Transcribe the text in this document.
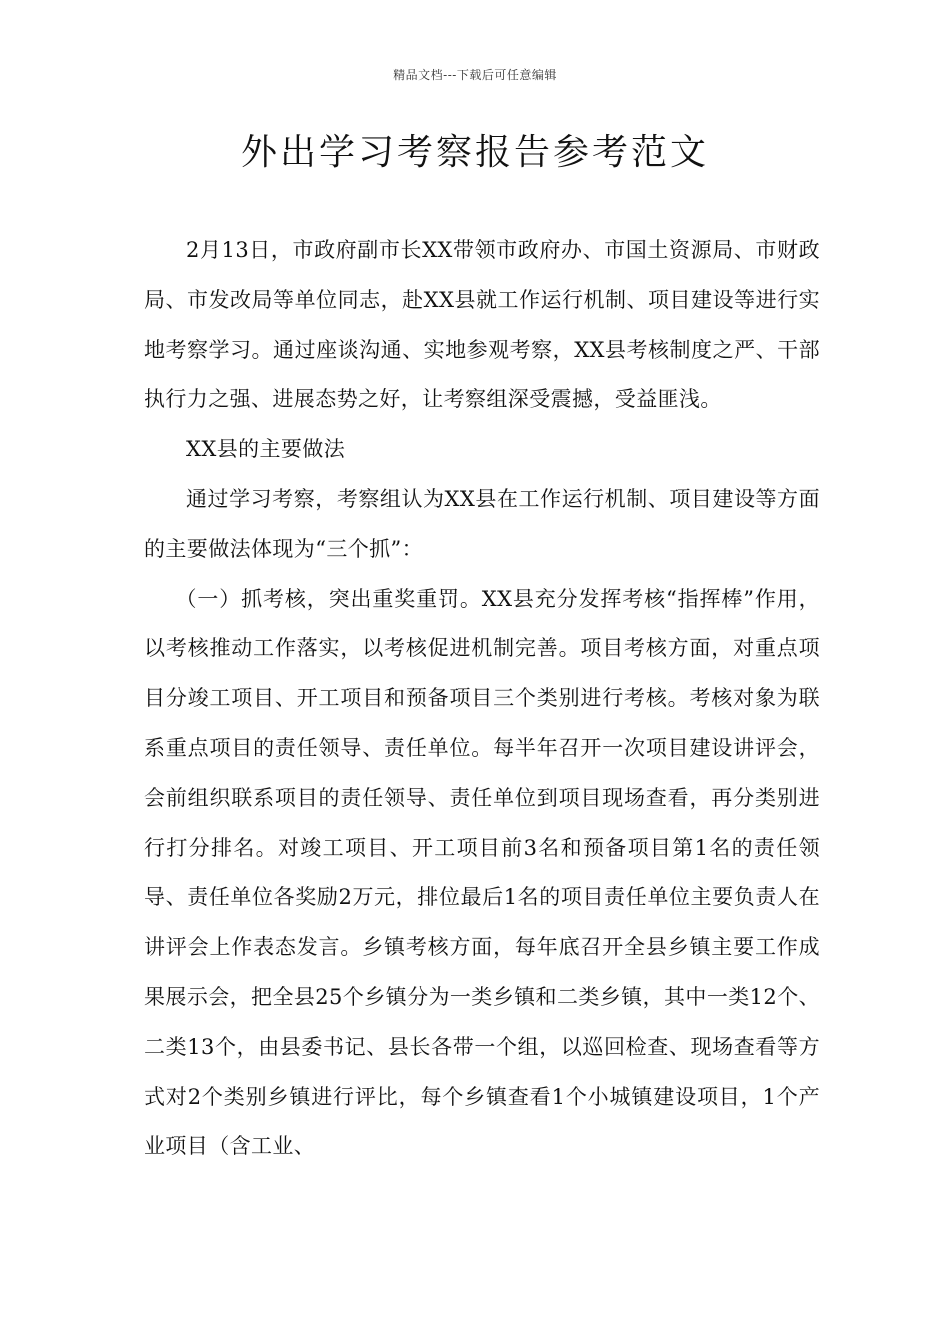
精品文档---下载后可任意编辑
外出学习考察报告参考范文

2月13日，市政府副市长XX带领市政府办、市国土资源局、市财政局、市发改局等单位同志，赴XX县就工作运行机制、项目建设等进行实地考察学习。通过座谈沟通、实地参观考察，XX县考核制度之严、干部执行力之强、进展态势之好，让考察组深受震撼，受益匪浅。

XX县的主要做法

通过学习考察，考察组认为XX县在工作运行机制、项目建设等方面的主要做法体现为“三个抓”：

（一）抓考核，突出重奖重罚。XX县充分发挥考核“指挥棒”作用，以考核推动工作落实，以考核促进机制完善。项目考核方面，对重点项目分竣工项目、开工项目和预备项目三个类别进行考核。考核对象为联系重点项目的责任领导、责任单位。每半年召开一次项目建设讲评会，会前组织联系项目的责任领导、责任单位到项目现场查看，再分类别进行打分排名。对竣工项目、开工项目前3名和预备项目第1名的责任领导、责任单位各奖励2万元，排位最后1名的项目责任单位主要负责人在讲评会上作表态发言。乡镇考核方面，每年底召开全县乡镇主要工作成果展示会，把全县25个乡镇分为一类乡镇和二类乡镇，其中一类12个、二类13个，由县委书记、县长各带一个组，以巡回检查、现场查看等方式对2个类别乡镇进行评比，每个乡镇查看1个小城镇建设项目，1个产业项目（含工业、
